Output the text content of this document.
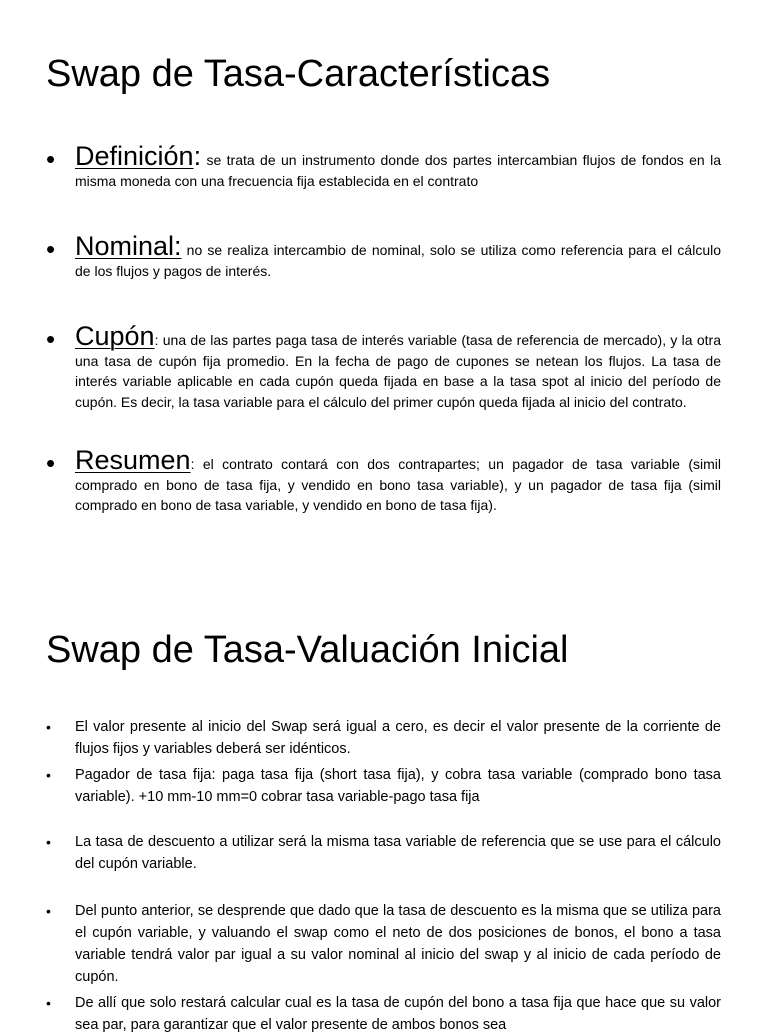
Swap de Tasa-Características

• Definición: se trata de un instrumento donde dos partes intercambian flujos de fondos en la misma moneda con una frecuencia fija establecida en el contrato

• Nominal: no se realiza intercambio de nominal, solo se utiliza como referencia para el cálculo de los flujos y pagos de interés.

• Cupón: una de las partes paga tasa de interés variable (tasa de referencia de mercado), y la otra una tasa de cupón fija promedio. En la fecha de pago de cupones se netean los flujos. La tasa de interés variable aplicable en cada cupón queda fijada en base a la tasa spot al inicio del período de cupón. Es decir, la tasa variable para el cálculo del primer cupón queda fijada al inicio del contrato.

• Resumen: el contrato contará con dos contrapartes; un pagador de tasa variable (simil comprado en bono de tasa fija, y vendido en bono tasa variable), y un pagador de tasa fija (simil comprado en bono de tasa variable, y vendido en bono de tasa fija).

Swap de Tasa-Valuación Inicial

• El valor presente al inicio del Swap será igual a cero, es decir el valor presente de la corriente de flujos fijos y variables deberá ser idénticos.

• Pagador de tasa fija: paga tasa fija (short tasa fija), y cobra tasa variable (comprado bono tasa variable). +10 mm-10 mm=0 cobrar tasa variable-pago tasa fija

• La tasa de descuento a utilizar será la misma tasa variable de referencia que se use para el cálculo del cupón variable.

• Del punto anterior, se desprende que dado que la tasa de descuento es la misma que se utiliza para el cupón variable, y valuando el swap como el neto de dos posiciones de bonos, el bono a tasa variable tendrá valor par igual a su valor nominal al inicio del swap y al inicio de cada período de cupón.

• De allí que solo restará calcular cual es la tasa de cupón del bono a tasa fija que hace que su valor sea par, para garantizar que el valor presente de ambos bonos sea
